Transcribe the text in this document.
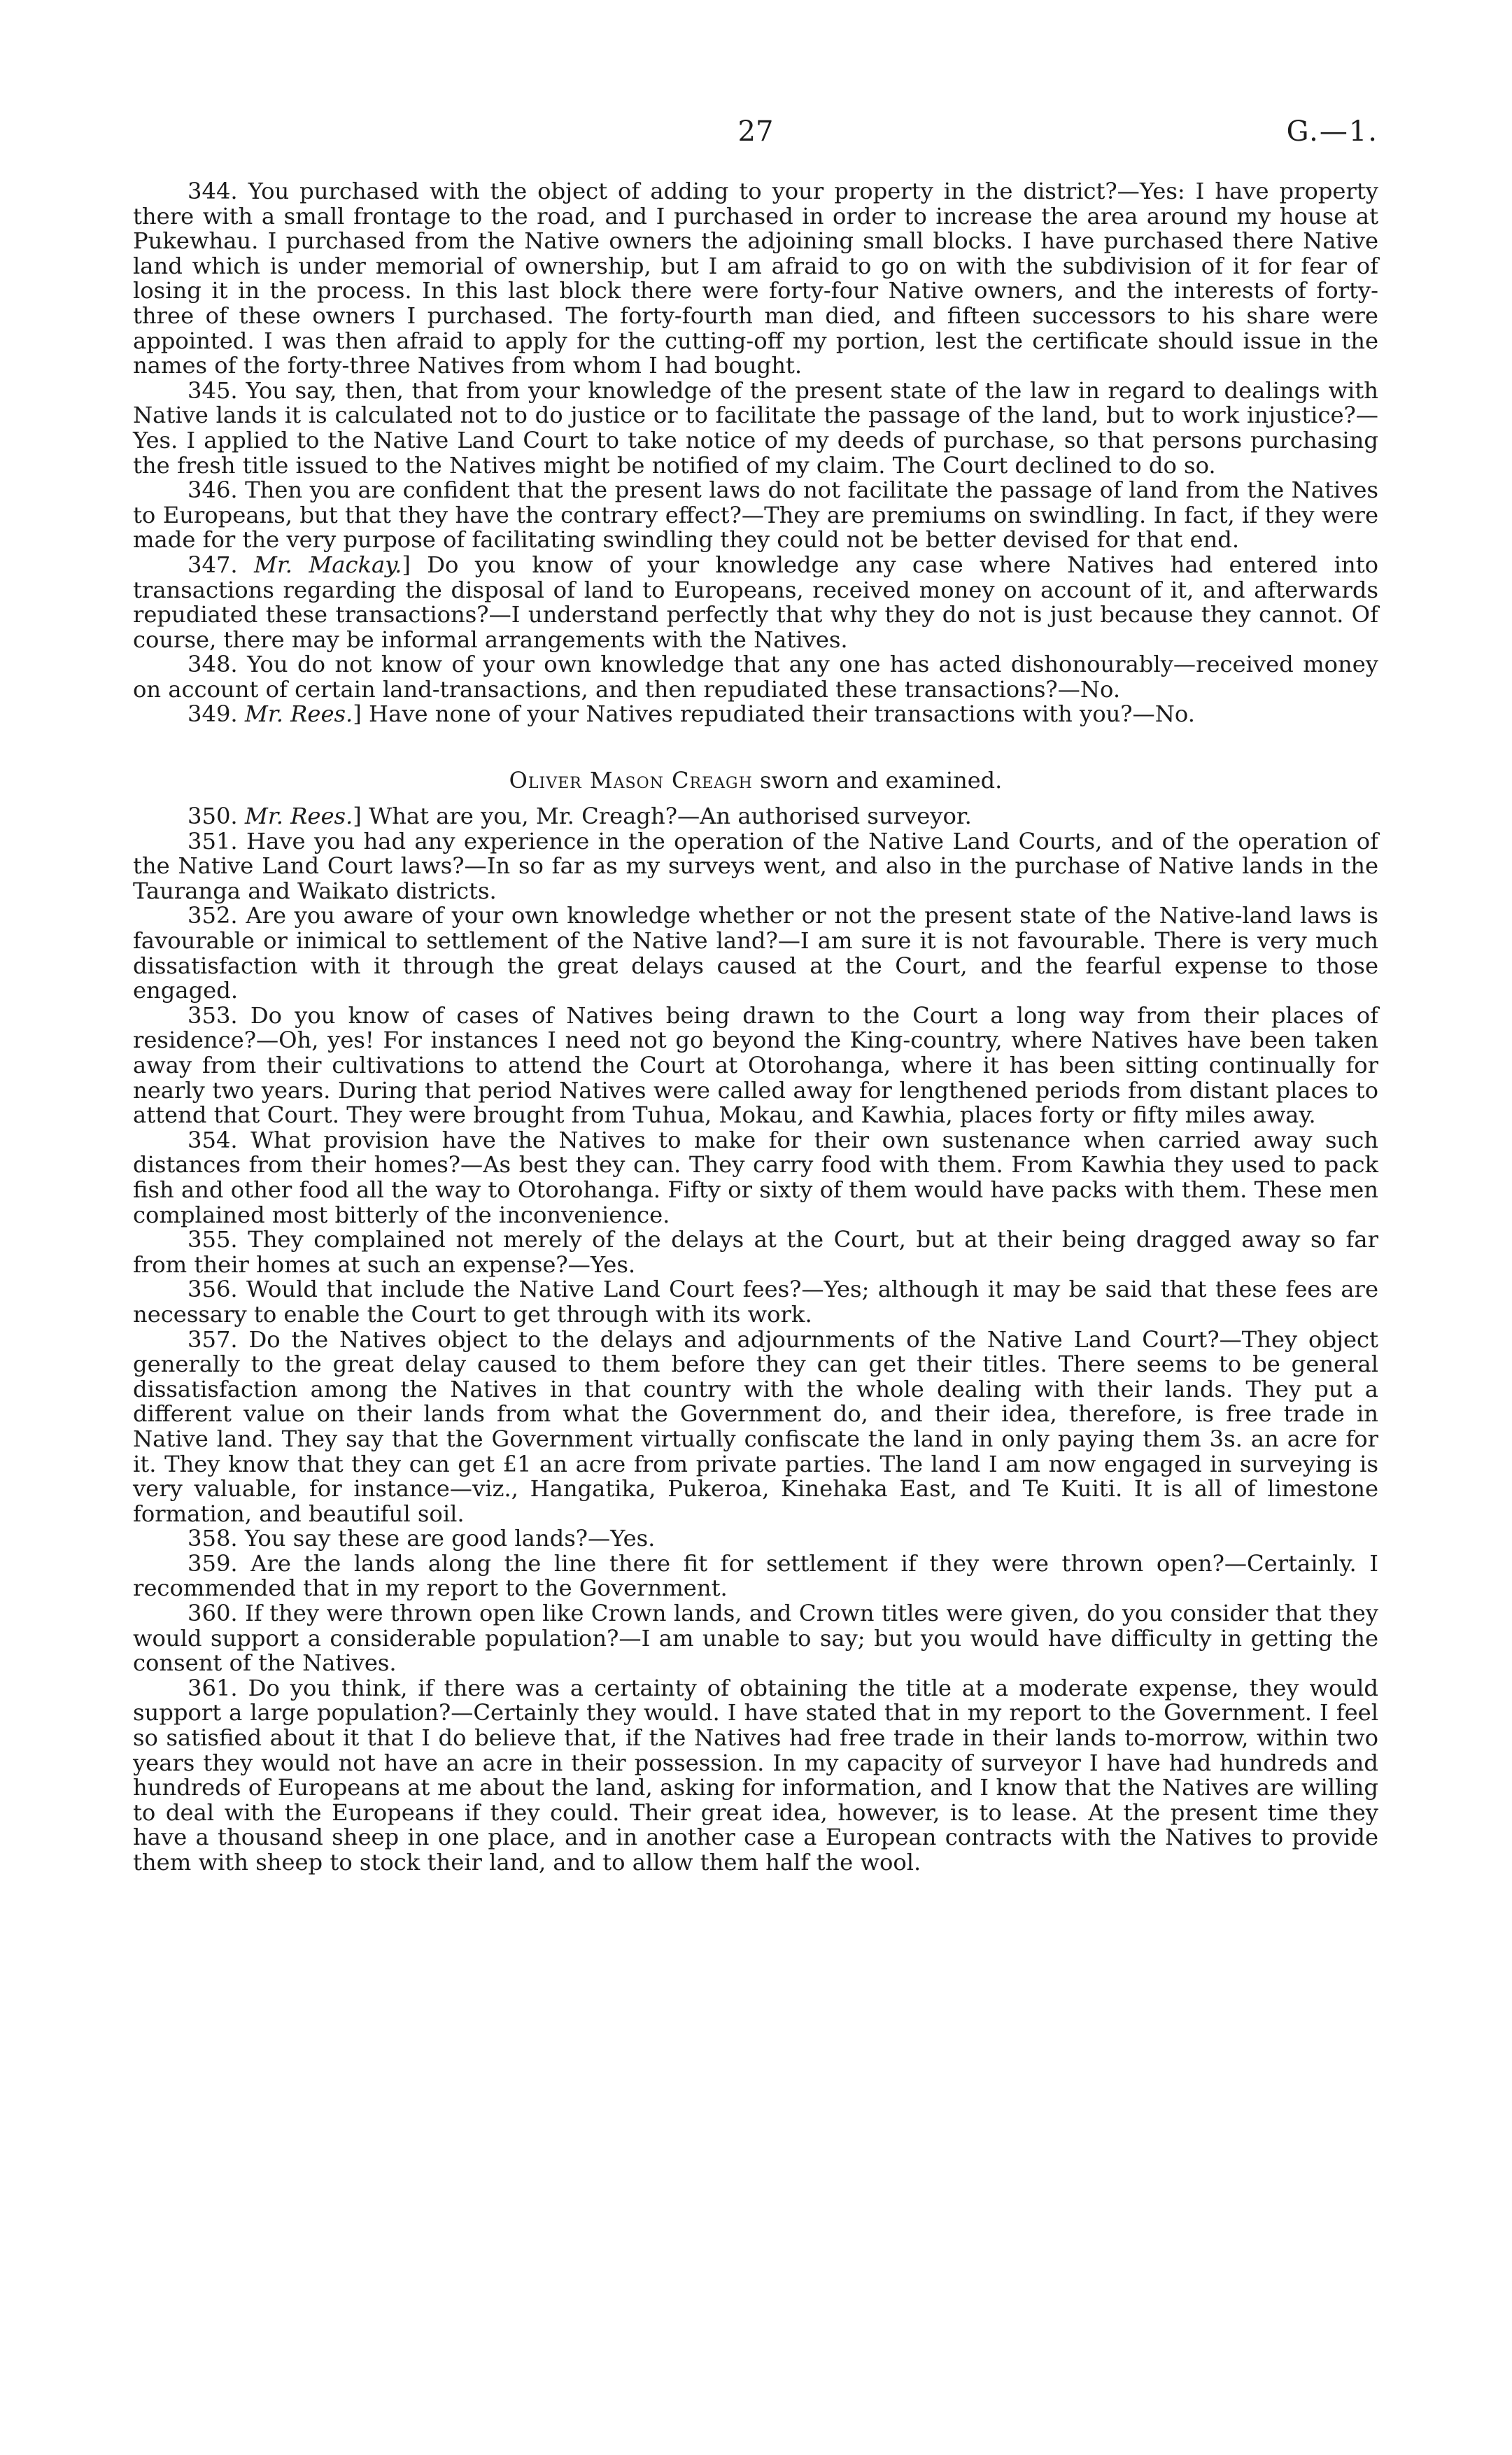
27	G.—1.

344. You purchased with the object of adding to your property in the district?—Yes: I have property there with a small frontage to the road, and I purchased in order to increase the area around my house at Pukewhau. I purchased from the Native owners the adjoining small blocks. I have purchased there Native land which is under memorial of ownership, but I am afraid to go on with the subdivision of it for fear of losing it in the process. In this last block there were forty-four Native owners, and the interests of forty-three of these owners I purchased. The forty-fourth man died, and fifteen successors to his share were appointed. I was then afraid to apply for the cutting-off my portion, lest the certificate should issue in the names of the forty-three Natives from whom I had bought.

345. You say, then, that from your knowledge of the present state of the law in regard to dealings with Native lands it is calculated not to do justice or to facilitate the passage of the land, but to work injustice?—Yes. I applied to the Native Land Court to take notice of my deeds of purchase, so that persons purchasing the fresh title issued to the Natives might be notified of my claim. The Court declined to do so.

346. Then you are confident that the present laws do not facilitate the passage of land from the Natives to Europeans, but that they have the contrary effect?—They are premiums on swindling. In fact, if they were made for the very purpose of facilitating swindling they could not be better devised for that end.

347. Mr. Mackay.] Do you know of your knowledge any case where Natives had entered into transactions regarding the disposal of land to Europeans, received money on account of it, and afterwards repudiated these transactions?—I understand perfectly that why they do not is just because they cannot. Of course, there may be informal arrangements with the Natives.

348. You do not know of your own knowledge that any one has acted dishonourably—received money on account of certain land-transactions, and then repudiated these transactions?—No.

349. Mr. Rees.] Have none of your Natives repudiated their transactions with you?—No.

Oliver Mason Creagh sworn and examined.

350. Mr. Rees.] What are you, Mr. Creagh?—An authorised surveyor.

351. Have you had any experience in the operation of the Native Land Courts, and of the operation of the Native Land Court laws?—In so far as my surveys went, and also in the purchase of Native lands in the Tauranga and Waikato districts.

352. Are you aware of your own knowledge whether or not the present state of the Native-land laws is favourable or inimical to settlement of the Native land?—I am sure it is not favourable. There is very much dissatisfaction with it through the great delays caused at the Court, and the fearful expense to those engaged.

353. Do you know of cases of Natives being drawn to the Court a long way from their places of residence?—Oh, yes! For instances I need not go beyond the King-country, where Natives have been taken away from their cultivations to attend the Court at Otorohanga, where it has been sitting continually for nearly two years. During that period Natives were called away for lengthened periods from distant places to attend that Court. They were brought from Tuhua, Mokau, and Kawhia, places forty or fifty miles away.

354. What provision have the Natives to make for their own sustenance when carried away such distances from their homes?—As best they can. They carry food with them. From Kawhia they used to pack fish and other food all the way to Otorohanga. Fifty or sixty of them would have packs with them. These men complained most bitterly of the inconvenience.

355. They complained not merely of the delays at the Court, but at their being dragged away so far from their homes at such an expense?—Yes.

356. Would that include the Native Land Court fees?—Yes; although it may be said that these fees are necessary to enable the Court to get through with its work.

357. Do the Natives object to the delays and adjournments of the Native Land Court?—They object generally to the great delay caused to them before they can get their titles. There seems to be general dissatisfaction among the Natives in that country with the whole dealing with their lands. They put a different value on their lands from what the Government do, and their idea, therefore, is free trade in Native land. They say that the Government virtually confiscate the land in only paying them 3s. an acre for it. They know that they can get £1 an acre from private parties. The land I am now engaged in surveying is very valuable, for instance—viz., Hangatika, Pukeroa, Kinehaka East, and Te Kuiti. It is all of limestone formation, and beautiful soil.

358. You say these are good lands?—Yes.

359. Are the lands along the line there fit for settlement if they were thrown open?—Certainly. I recommended that in my report to the Government.

360. If they were thrown open like Crown lands, and Crown titles were given, do you consider that they would support a considerable population?—I am unable to say; but you would have difficulty in getting the consent of the Natives.

361. Do you think, if there was a certainty of obtaining the title at a moderate expense, they would support a large population?—Certainly they would. I have stated that in my report to the Government. I feel so satisfied about it that I do believe that, if the Natives had free trade in their lands to-morrow, within two years they would not have an acre in their possession. In my capacity of surveyor I have had hundreds and hundreds of Europeans at me about the land, asking for information, and I know that the Natives are willing to deal with the Europeans if they could. Their great idea, however, is to lease. At the present time they have a thousand sheep in one place, and in another case a European contracts with the Natives to provide them with sheep to stock their land, and to allow them half the wool.
